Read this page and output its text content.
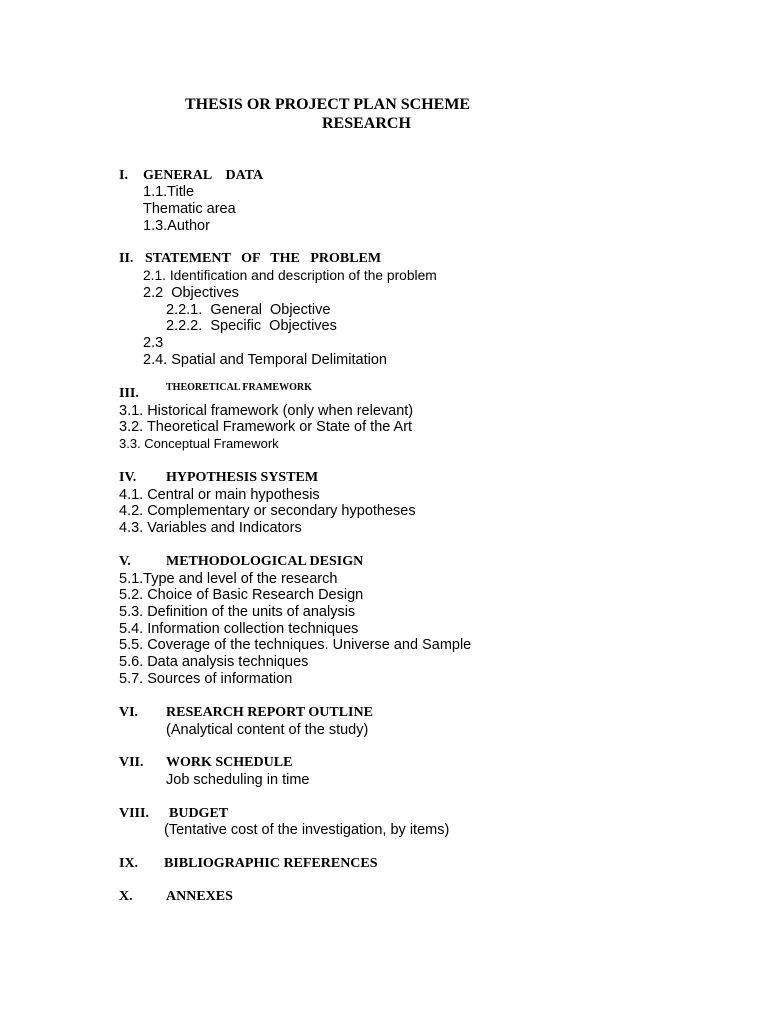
THESIS OR PROJECT PLAN SCHEME
RESEARCH
I. GENERAL    DATA
1.1.Title
Thematic area
1.3.Author
II. STATEMENT   OF   THE   PROBLEM
2.1. Identification and description of the problem
2.2  Objectives
2.2.1.  General  Objective
2.2.2.  Specific  Objectives
2.3
2.4. Spatial and Temporal Delimitation
III.	THEORETICAL FRAMEWORK
3.1. Historical framework (only when relevant)
3.2. Theoretical Framework or State of the Art
3.3. Conceptual Framework
IV. HYPOTHESIS SYSTEM
4.1. Central or main hypothesis
4.2. Complementary or secondary hypotheses
4.3. Variables and Indicators
V.	METHODOLOGICAL DESIGN
5.1.Type and level of the research
5.2. Choice of Basic Research Design
5.3. Definition of the units of analysis
5.4. Information collection techniques
5.5. Coverage of the techniques. Universe and Sample
5.6. Data analysis techniques
5.7. Sources of information
VI. RESEARCH REPORT OUTLINE
(Analytical content of the study)
VII. WORK SCHEDULE
Job scheduling in time
VIII. BUDGET
(Tentative cost of the investigation, by items)
IX. BIBLIOGRAPHIC REFERENCES
X. ANNEXES
